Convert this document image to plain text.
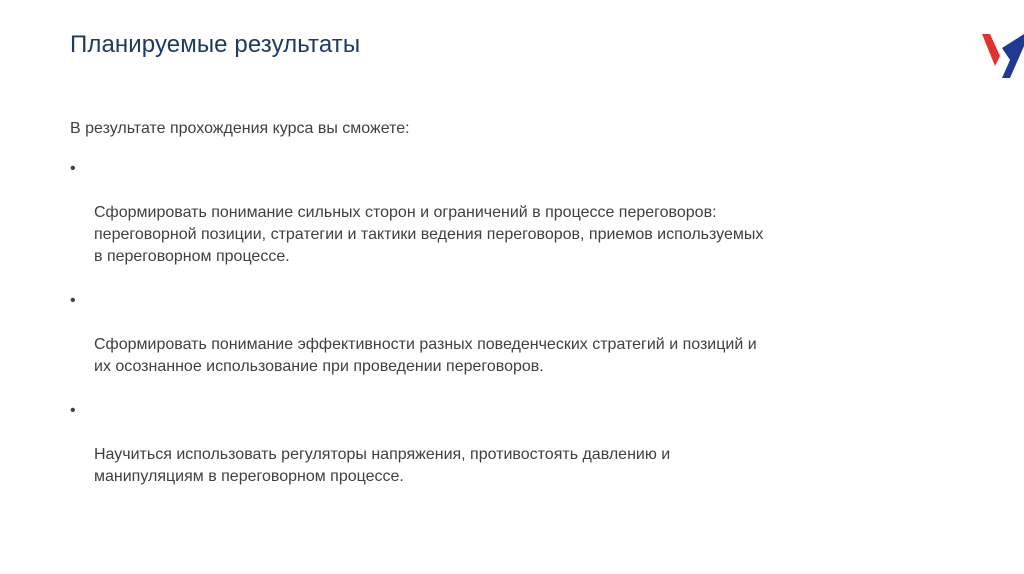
Планируемые результаты

В результате прохождения курса вы сможете:

•

Сформировать понимание сильных сторон и ограничений в процессе переговоров:
переговорной позиции, стратегии и тактики ведения переговоров, приемов используемых
в переговорном процессе.

•

Сформировать понимание эффективности разных поведенческих стратегий и позиций и
их осознанное использование при проведении переговоров.

•

Научиться использовать регуляторы напряжения, противостоять давлению и
манипуляциям в переговорном процессе.
